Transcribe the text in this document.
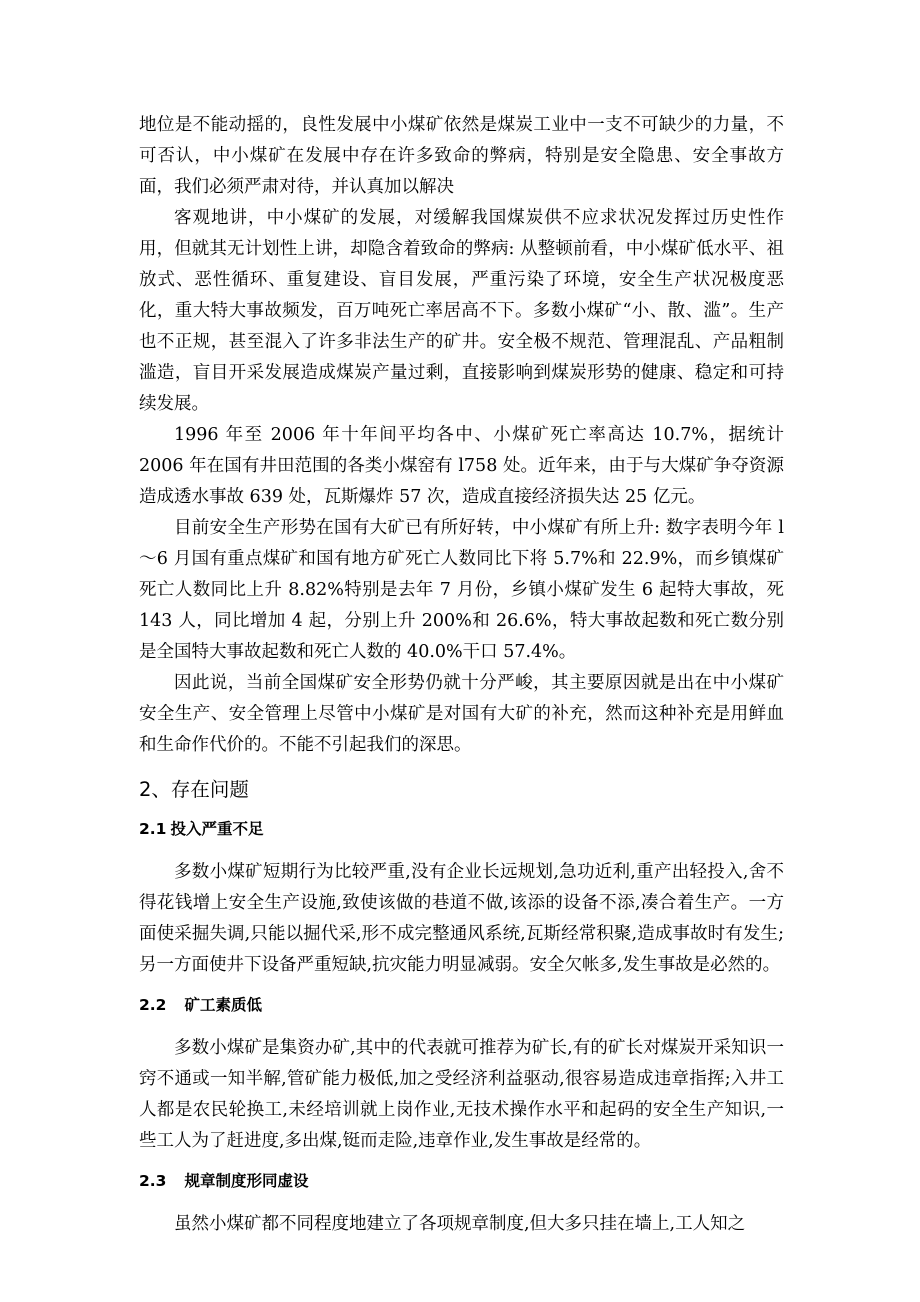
地位是不能动摇的，良性发展中小煤矿依然是煤炭工业中一支不可缺少的力量，不可否认，中小煤矿在发展中存在许多致命的弊病，特别是安全隐患、安全事故方面，我们必须严肃对待，并认真加以解决

客观地讲，中小煤矿的发展，对缓解我国煤炭供不应求状况发挥过历史性作用，但就其无计划性上讲，却隐含着致命的弊病: 从整顿前看，中小煤矿低水平、祖放式、恶性循环、重复建设、盲目发展，严重污染了环境，安全生产状况极度恶化，重大特大事故频发，百万吨死亡率居高不下。多数小煤矿“小、散、滥”。生产也不正规，甚至混入了许多非法生产的矿井。安全极不规范、管理混乱、产品粗制滥造，盲目开采发展造成煤炭产量过剩，直接影响到煤炭形势的健康、稳定和可持续发展。

1996 年至 2006 年十年间平均各中、小煤矿死亡率高达 10.7%，据统计 2006 年在国有井田范围的各类小煤窑有 l758 处。近年来，由于与大煤矿争夺资源造成透水事故 639 处，瓦斯爆炸 57 次，造成直接经济损失达 25 亿元。

目前安全生产形势在国有大矿已有所好转，中小煤矿有所上升: 数字表明今年 l～6 月国有重点煤矿和国有地方矿死亡人数同比下将 5.7%和 22.9%，而乡镇煤矿死亡人数同比上升 8.82%特别是去年 7 月份，乡镇小煤矿发生 6 起特大事故，死 143 人，同比增加 4 起，分别上升 200%和 26.6%，特大事故起数和死亡数分别是全国特大事故起数和死亡人数的 40.0%干口 57.4%。

因此说，当前全国煤矿安全形势仍就十分严峻，其主要原因就是出在中小煤矿安全生产、安全管理上尽管中小煤矿是对国有大矿的补充，然而这种补充是用鲜血和生命作代价的。不能不引起我们的深思。

2、存在问题
2.1 投入严重不足

多数小煤矿短期行为比较严重,没有企业长远规划,急功近利,重产出轻投入,舍不得花钱增上安全生产设施,致使该做的巷道不做,该添的设备不添,凑合着生产。一方面使采掘失调,只能以掘代采,形不成完整通风系统,瓦斯经常积聚,造成事故时有发生;另一方面使井下设备严重短缺,抗灾能力明显减弱。安全欠帐多,发生事故是必然的。

2.2 矿工素质低

多数小煤矿是集资办矿,其中的代表就可推荐为矿长,有的矿长对煤炭开采知识一窍不通或一知半解,管矿能力极低,加之受经济利益驱动,很容易造成违章指挥;入井工人都是农民轮换工,未经培训就上岗作业,无技术操作水平和起码的安全生产知识,一些工人为了赶进度,多出煤,铤而走险,违章作业,发生事故是经常的。

2.3 规章制度形同虚设

虽然小煤矿都不同程度地建立了各项规章制度,但大多只挂在墙上,工人知之
